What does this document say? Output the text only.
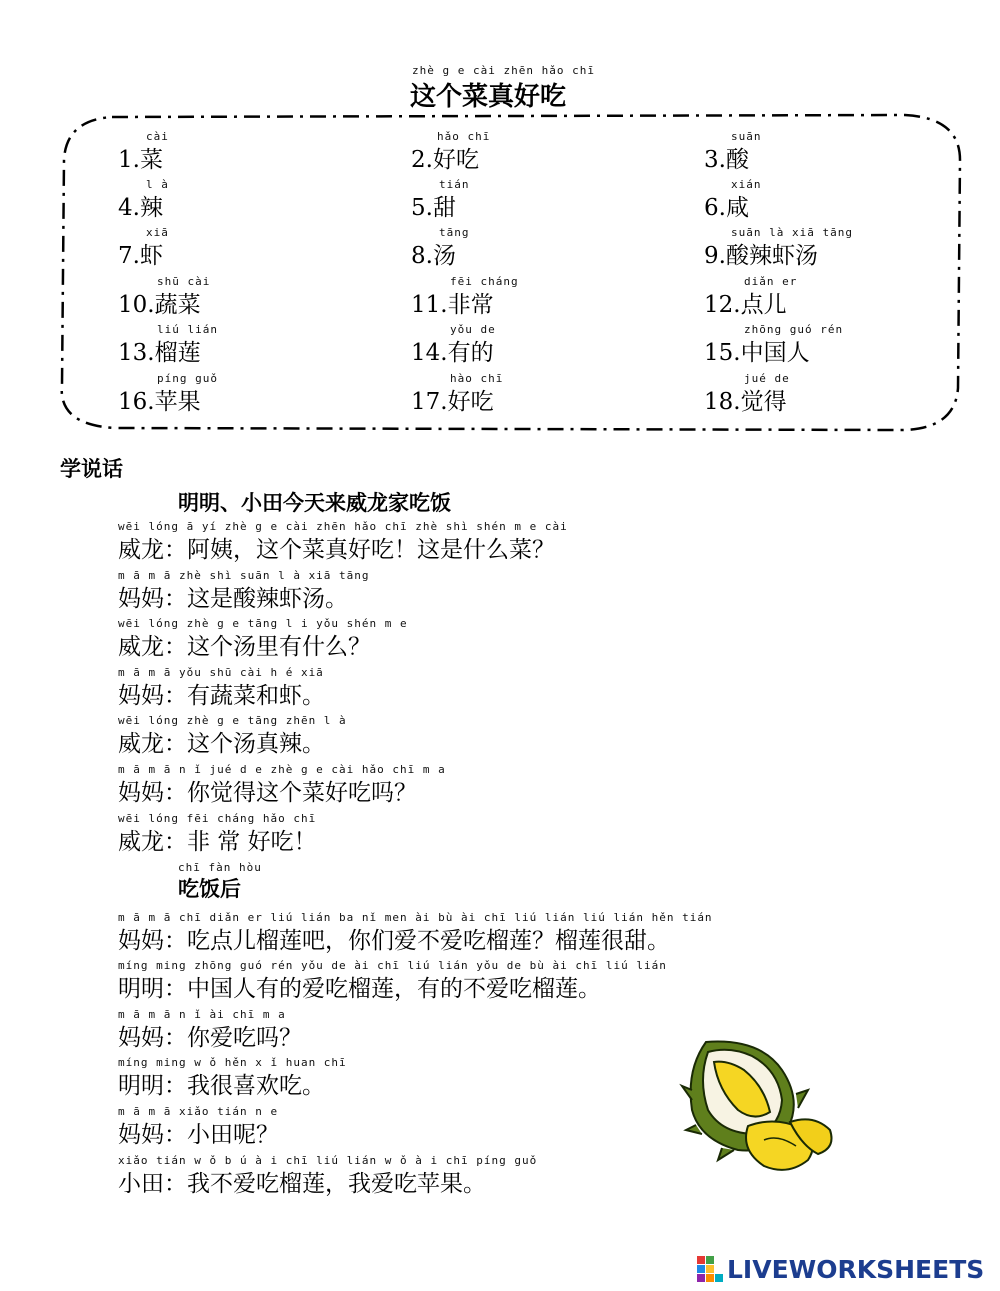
zhè g e cài zhēn hǎo chī
这个菜真好吃
cài
1.菜
hǎo chī
2.好吃
suān
3.酸
l à
4.辣
tián
5.甜
xián
6.咸
xiā
7.虾
tāng
8.汤
suān là xiā tāng
9.酸辣虾汤
shū cài
10.蔬菜
fēi cháng
11.非常
diǎn er
12.点儿
liú lián
13.榴莲
yǒu de
14.有的
zhōng guó rén
15.中国人
píng guǒ
16.苹果
hào chī
17.好吃
jué de
18.觉得
学说话
明明、小田今天来威龙家吃饭
wēi lóng ā yí zhè g e cài zhēn hǎo chī zhè shì shén m e cài
威龙：阿姨，这个菜真好吃！这是什么菜？
m ā m ā zhè shì suān l à xiā tāng
妈妈：这是酸辣虾汤。
wēi lóng zhè g e tāng l i yǒu shén m e
威龙：这个汤里有什么？
m ā m ā yǒu shū cài h é xiā
妈妈：有蔬菜和虾。
wēi lóng zhè g e tāng zhēn l à
威龙：这个汤真辣。
m ā m ā n ǐ jué d e zhè g e cài hǎo chī m a
妈妈：你觉得这个菜好吃吗？
wēi lóng fēi cháng hǎo chī
威龙：非 常 好吃！
chī fàn hòu
吃饭后
m ā m ā chī diǎn er liú lián ba nǐ men ài bù ài chī liú lián liú lián hěn tián
妈妈：吃点儿榴莲吧，你们爱不爱吃榴莲？榴莲很甜。
míng ming zhōng guó rén yǒu de ài chī liú lián yǒu de bù ài chī liú lián
明明：中国人有的爱吃榴莲，有的不爱吃榴莲。
m ā m ā n ǐ ài chī m a
妈妈：你爱吃吗？
míng ming w ǒ hěn x ǐ huan chī
明明：我很喜欢吃。
m ā m ā xiǎo tián n e
妈妈：小田呢？
xiǎo tián w ǒ b ú à i chī liú lián w ǒ à i chī píng guǒ
小田：我不爱吃榴莲，我爱吃苹果。
LIVEWORKSHEETS
